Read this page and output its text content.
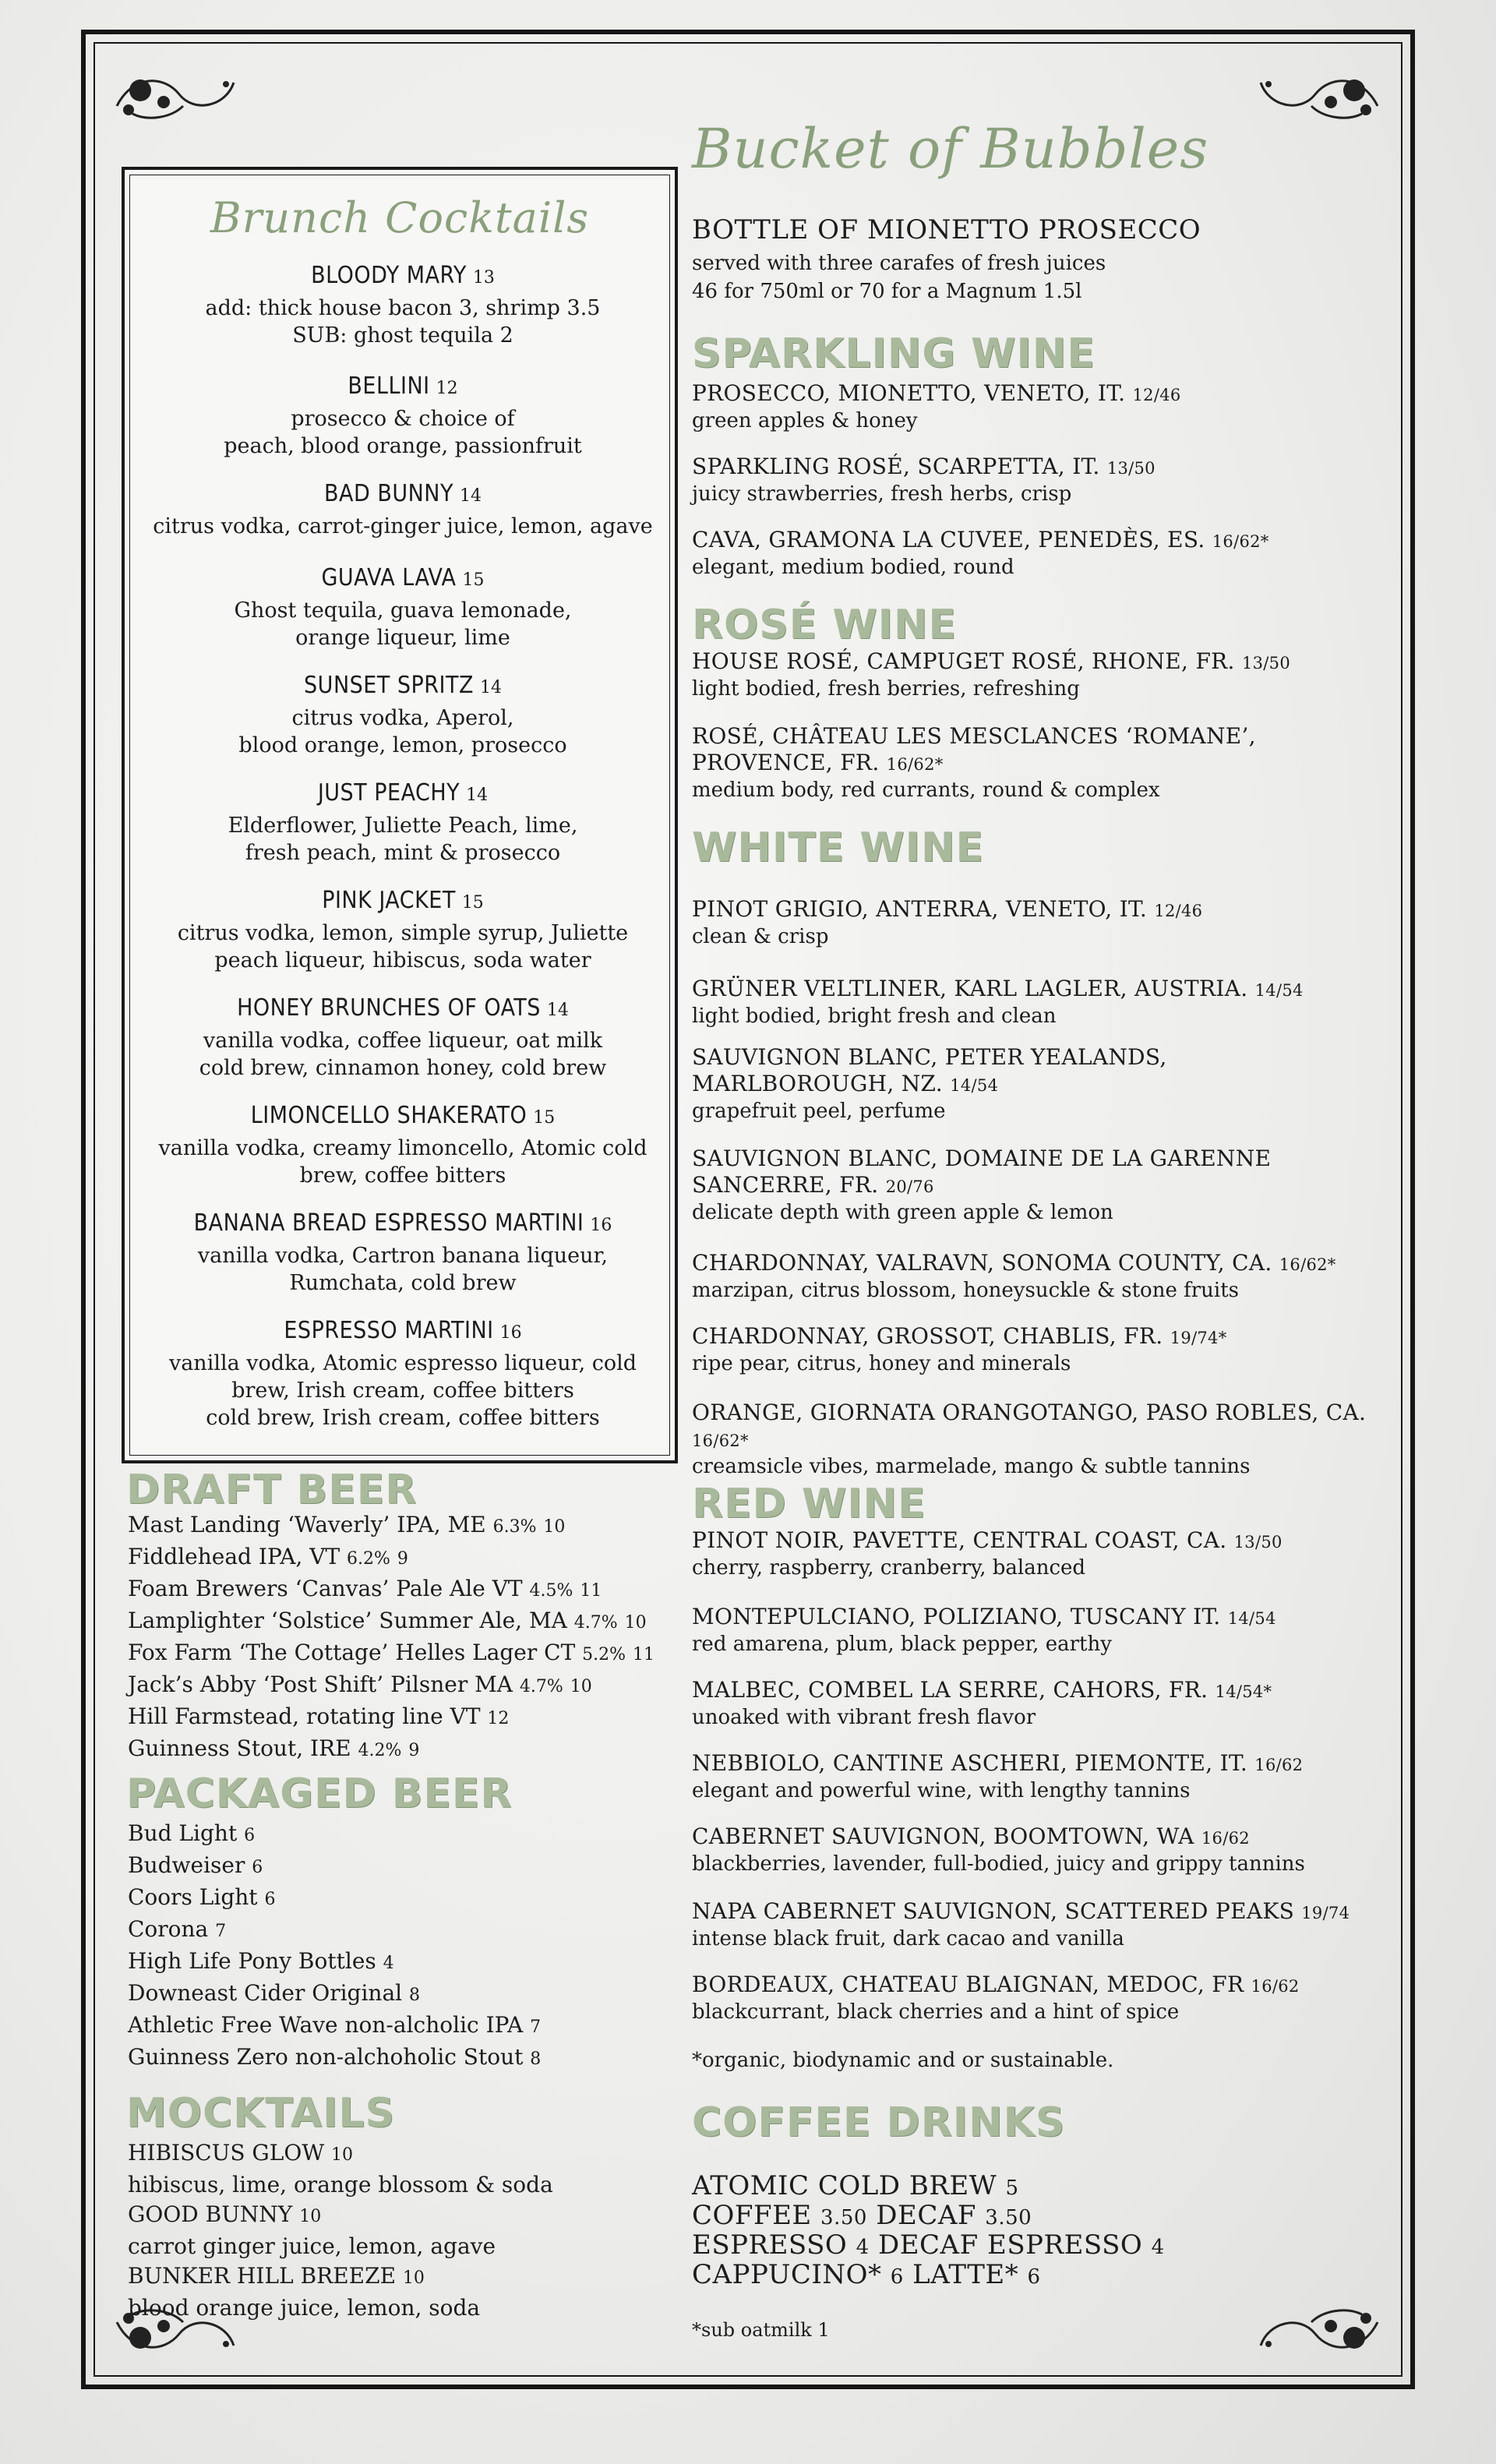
Brunch Cocktails
BLOODY MARY 13
add: thick house bacon 3, shrimp 3.5
SUB: ghost tequila 2
BELLINI 12
prosecco & choice of
peach, blood orange, passionfruit
BAD BUNNY 14
citrus vodka, carrot-ginger juice, lemon, agave
GUAVA LAVA 15
Ghost tequila, guava lemonade,
orange liqueur, lime
SUNSET SPRITZ 14
citrus vodka, Aperol,
blood orange, lemon, prosecco
JUST PEACHY 14
Elderflower, Juliette Peach, lime,
fresh peach, mint & prosecco
PINK JACKET 15
citrus vodka, lemon, simple syrup, Juliette
peach liqueur, hibiscus, soda water
HONEY BRUNCHES OF OATS 14
vanilla vodka, coffee liqueur, oat milk
cold brew, cinnamon honey, cold brew
LIMONCELLO SHAKERATO 15
vanilla vodka, creamy limoncello, Atomic cold
brew, coffee bitters
BANANA BREAD ESPRESSO MARTINI 16
vanilla vodka, Cartron banana liqueur,
Rumchata, cold brew
ESPRESSO MARTINI 16
vanilla vodka, Atomic espresso liqueur, cold
brew, Irish cream, coffee bitters
cold brew, Irish cream, coffee bitters
DRAFT BEER
Mast Landing ‘Waverly’ IPA, ME 6.3% 10
Fiddlehead IPA, VT 6.2% 9
Foam Brewers ‘Canvas’ Pale Ale VT 4.5% 11
Lamplighter ‘Solstice’ Summer Ale, MA 4.7% 10
Fox Farm ‘The Cottage’ Helles Lager CT 5.2% 11
Jack’s Abby ‘Post Shift’ Pilsner MA 4.7% 10
Hill Farmstead, rotating line VT 12
Guinness Stout, IRE 4.2% 9
PACKAGED BEER
Bud Light 6
Budweiser 6
Coors Light 6
Corona 7
High Life Pony Bottles 4
Downeast Cider Original 8
Athletic Free Wave non-alcholic IPA 7
Guinness Zero non-alchoholic Stout 8
MOCKTAILS
HIBISCUS GLOW 10
hibiscus, lime, orange blossom & soda
GOOD BUNNY 10
carrot ginger juice, lemon, agave
BUNKER HILL BREEZE 10
blood orange juice, lemon, soda
Bucket of Bubbles
BOTTLE OF MIONETTO PROSECCO
served with three carafes of fresh juices
46 for 750ml or 70 for a Magnum 1.5l
SPARKLING WINE
PROSECCO, MIONETTO, VENETO, IT. 12/46
green apples & honey
SPARKLING ROSÉ, SCARPETTA, IT. 13/50
juicy strawberries, fresh herbs, crisp
CAVA, GRAMONA LA CUVEE, PENEDÈS, ES. 16/62*
elegant, medium bodied, round
ROSÉ WINE
HOUSE ROSÉ, CAMPUGET ROSÉ, RHONE, FR. 13/50
light bodied, fresh berries, refreshing
ROSÉ, CHÂTEAU LES MESCLANCES ‘ROMANE’,
PROVENCE, FR. 16/62*
medium body, red currants, round & complex
WHITE WINE
PINOT GRIGIO, ANTERRA, VENETO, IT. 12/46
clean & crisp
GRÜNER VELTLINER, KARL LAGLER, AUSTRIA. 14/54
light bodied, bright fresh and clean
SAUVIGNON BLANC, PETER YEALANDS,
MARLBOROUGH, NZ. 14/54
grapefruit peel, perfume
SAUVIGNON BLANC, DOMAINE DE LA GARENNE
SANCERRE, FR. 20/76
delicate depth with green apple & lemon
CHARDONNAY, VALRAVN, SONOMA COUNTY, CA. 16/62*
marzipan, citrus blossom, honeysuckle & stone fruits
CHARDONNAY, GROSSOT, CHABLIS, FR. 19/74*
ripe pear, citrus, honey and minerals
ORANGE, GIORNATA ORANGOTANGO, PASO ROBLES, CA. 16/62*
creamsicle vibes, marmelade, mango & subtle tannins
RED WINE
PINOT NOIR, PAVETTE, CENTRAL COAST, CA. 13/50
cherry, raspberry, cranberry, balanced
MONTEPULCIANO, POLIZIANO, TUSCANY IT. 14/54
red amarena, plum, black pepper, earthy
MALBEC, COMBEL LA SERRE, CAHORS, FR. 14/54*
unoaked with vibrant fresh flavor
NEBBIOLO, CANTINE ASCHERI, PIEMONTE, IT. 16/62
elegant and powerful wine, with lengthy tannins
CABERNET SAUVIGNON, BOOMTOWN, WA 16/62
blackberries, lavender, full-bodied, juicy and grippy tannins
NAPA CABERNET SAUVIGNON, SCATTERED PEAKS 19/74
intense black fruit, dark cacao and vanilla
BORDEAUX, CHATEAU BLAIGNAN, MEDOC, FR 16/62
blackcurrant, black cherries and a hint of spice
*organic, biodynamic and or sustainable.
COFFEE DRINKS
ATOMIC COLD BREW 5
COFFEE 3.50 DECAF 3.50
ESPRESSO 4 DECAF ESPRESSO 4
CAPPUCINO* 6 LATTE* 6
*sub oatmilk 1
